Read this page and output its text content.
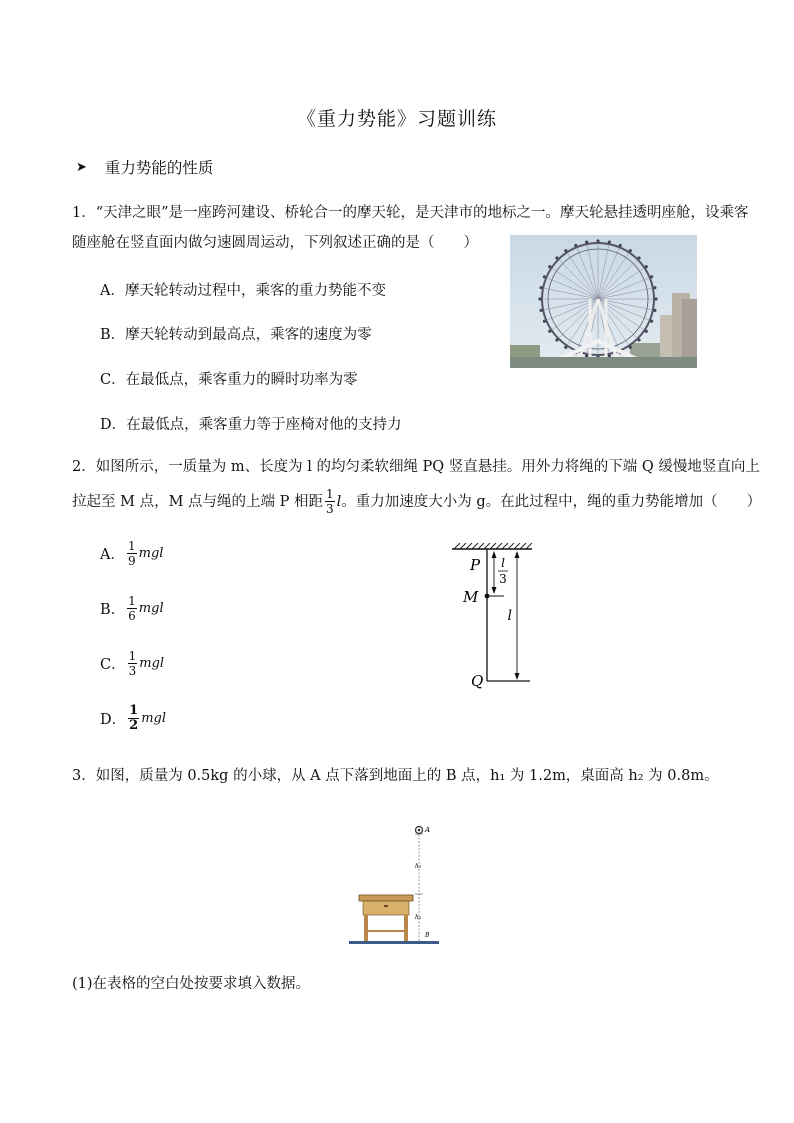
《重力势能》习题训练
➤ 重力势能的性质
1．“天津之眼”是一座跨河建设、桥轮合一的摩天轮，是天津市的地标之一。摩天轮悬挂透明座舱，设乘客
随座舱在竖直面内做匀速圆周运动，下列叙述正确的是（　　）
A．摩天轮转动过程中，乘客的重力势能不变
B．摩天轮转动到最高点，乘客的速度为零
C．在最低点，乘客重力的瞬时功率为零
D．在最低点，乘客重力等于座椅对他的支持力
2．如图所示，一质量为 m、长度为 l 的均匀柔软细绳 PQ 竖直悬挂。用外力将绳的下端 Q 缓慢地竖直向上
拉起至 M 点，M 点与绳的上端 P 相距 $\frac{1}{3}$ l 。重力加速度大小为 g。在此过程中，绳的重力势能增加（　　）
A． $\frac{1}{9}$ mgl
B． $\frac{1}{6}$ mgl
C． $\frac{1}{3}$ mgl
D． $\frac{1}{2}$ mgl
l
3
l
P
M
Q
3．如图，质量为 0.5kg 的小球，从 A 点下落到地面上的 B 点，h₁ 为 1.2m，桌面高 h₂ 为 0.8m。
A
h₁
h₂
B
(1)在表格的空白处按要求填入数据。
